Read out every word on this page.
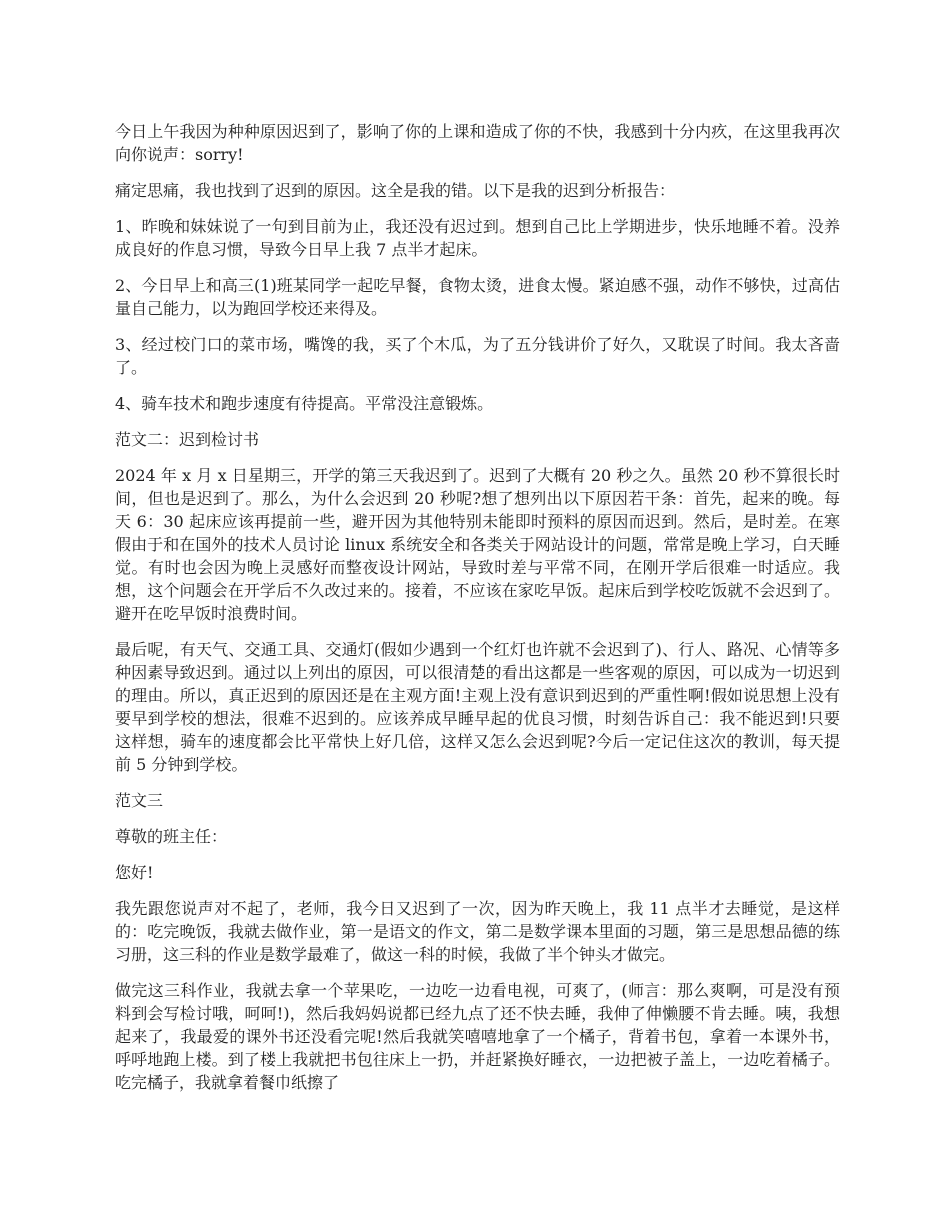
今日上午我因为种种原因迟到了，影响了你的上课和造成了你的不快，我感到十分内疚，在这里我再次向你说声：sorry!

痛定思痛，我也找到了迟到的原因。这全是我的错。以下是我的迟到分析报告：

1、昨晚和妹妹说了一句到目前为止，我还没有迟过到。想到自己比上学期进步，快乐地睡不着。没养成良好的作息习惯，导致今日早上我 7 点半才起床。

2、今日早上和高三(1)班某同学一起吃早餐，食物太烫，进食太慢。紧迫感不强，动作不够快，过高估量自己能力，以为跑回学校还来得及。

3、经过校门口的菜市场，嘴馋的我，买了个木瓜，为了五分钱讲价了好久，又耽误了时间。我太吝啬了。

4、骑车技术和跑步速度有待提高。平常没注意锻炼。

范文二：迟到检讨书

2024 年 x 月 x 日星期三，开学的第三天我迟到了。迟到了大概有 20 秒之久。虽然 20 秒不算很长时间，但也是迟到了。那么，为什么会迟到 20 秒呢?想了想列出以下原因若干条：首先，起来的晚。每天 6：30 起床应该再提前一些，避开因为其他特别未能即时预料的原因而迟到。然后，是时差。在寒假由于和在国外的技术人员讨论 linux 系统安全和各类关于网站设计的问题，常常是晚上学习，白天睡觉。有时也会因为晚上灵感好而整夜设计网站，导致时差与平常不同，在刚开学后很难一时适应。我想，这个问题会在开学后不久改过来的。接着，不应该在家吃早饭。起床后到学校吃饭就不会迟到了。避开在吃早饭时浪费时间。

最后呢，有天气、交通工具、交通灯(假如少遇到一个红灯也许就不会迟到了)、行人、路况、心情等多种因素导致迟到。通过以上列出的原因，可以很清楚的看出这都是一些客观的原因，可以成为一切迟到的理由。所以，真正迟到的原因还是在主观方面!主观上没有意识到迟到的严重性啊!假如说思想上没有要早到学校的想法，很难不迟到的。应该养成早睡早起的优良习惯，时刻告诉自己：我不能迟到!只要这样想，骑车的速度都会比平常快上好几倍，这样又怎么会迟到呢?今后一定记住这次的教训，每天提前 5 分钟到学校。

范文三

尊敬的班主任：

您好!

我先跟您说声对不起了，老师，我今日又迟到了一次，因为昨天晚上，我 11 点半才去睡觉，是这样的：吃完晚饭，我就去做作业，第一是语文的作文，第二是数学课本里面的习题，第三是思想品德的练习册，这三科的作业是数学最难了，做这一科的时候，我做了半个钟头才做完。

做完这三科作业，我就去拿一个苹果吃，一边吃一边看电视，可爽了，(师言：那么爽啊，可是没有预料到会写检讨哦，呵呵!)，然后我妈妈说都已经九点了还不快去睡，我伸了伸懒腰不肯去睡。咦，我想起来了，我最爱的课外书还没看完呢!然后我就笑嘻嘻地拿了一个橘子，背着书包，拿着一本课外书，呼呼地跑上楼。到了楼上我就把书包往床上一扔，并赶紧换好睡衣，一边把被子盖上，一边吃着橘子。吃完橘子，我就拿着餐巾纸擦了
